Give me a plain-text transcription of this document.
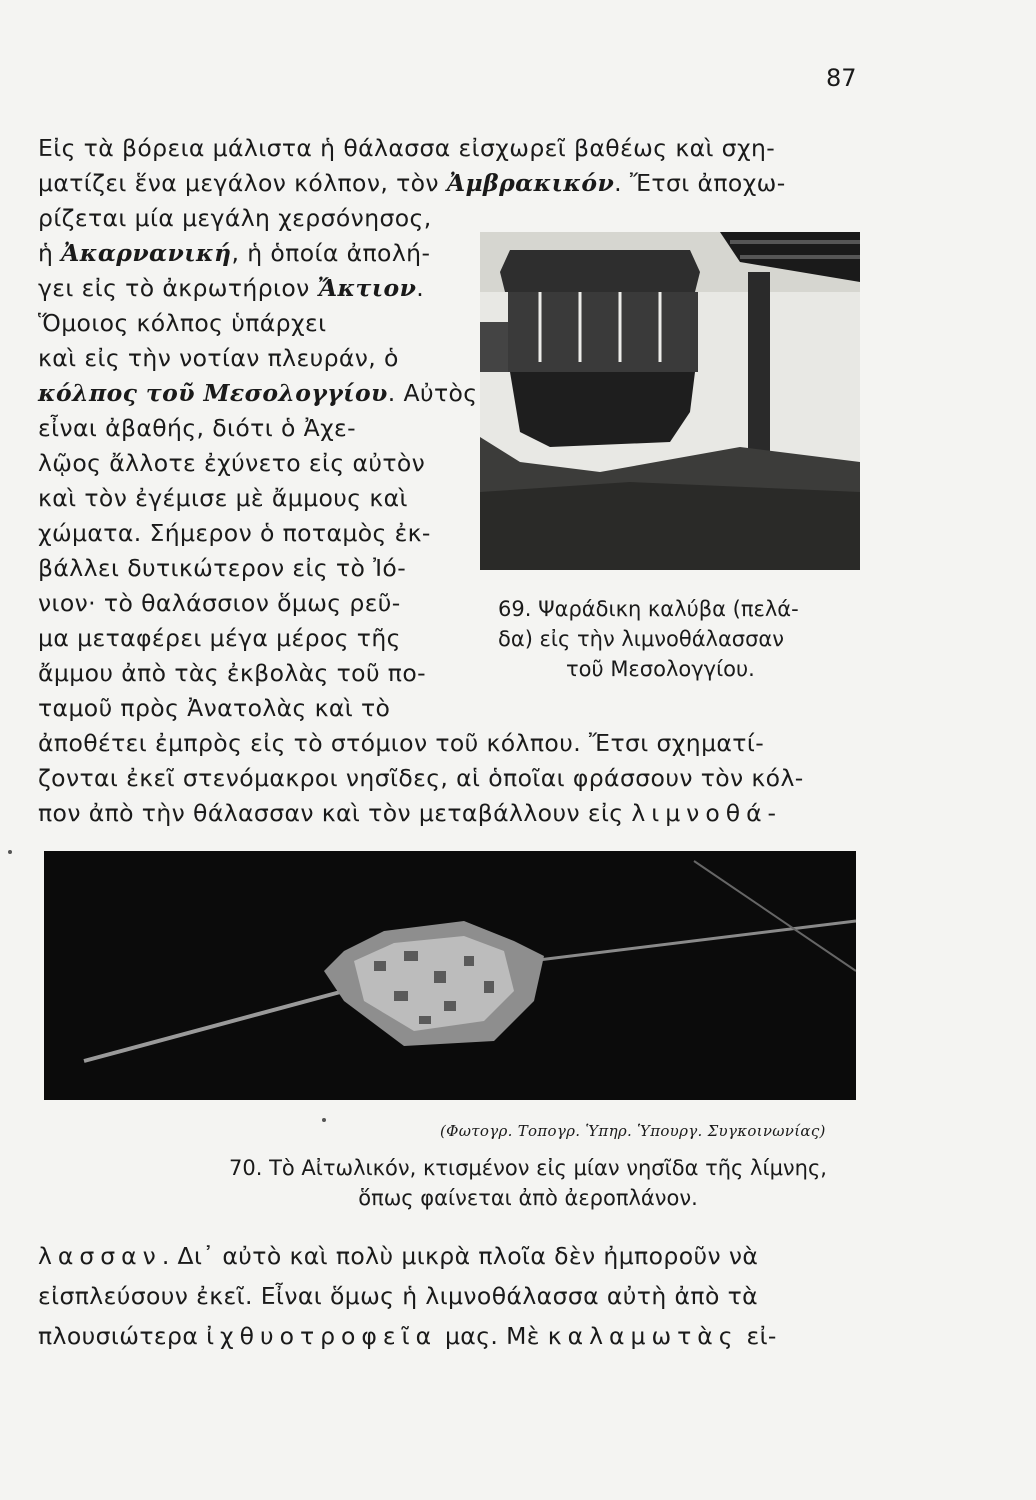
87
Εἰς τὰ βόρεια μάλιστα ἡ θάλασσα εἰσχωρεῖ βαθέως καὶ σχη-
ματίζει ἕνα μεγάλον κόλπον, τὸν Ἀμβρακικόν. Ἔτσι ἀποχω-
ρίζεται μία μεγάλη χερσόνησος,
ἡ Ἀκαρνανική, ἡ ὁποία ἀπολή-
γει εἰς τὸ ἀκρωτήριον Ἄκτιον.
Ὅμοιος κόλπος ὑπάρχει
καὶ εἰς τὴν νοτίαν πλευράν, ὁ
κόλπος τοῦ Μεσολογγίου. Αὐτὸς
εἶναι ἀβαθής, διότι ὁ Ἀχε-
λῷος ἄλλοτε ἐχύνετο εἰς αὐτὸν
καὶ τὸν ἐγέμισε μὲ ἄμμους καὶ
χώματα. Σήμερον ὁ ποταμὸς ἐκ-
βάλλει δυτικώτερον εἰς τὸ Ἰό-
νιον· τὸ θαλάσσιον ὅμως ρεῦ-
μα μεταφέρει μέγα μέρος τῆς
ἄμμου ἀπὸ τὰς ἐκβολὰς τοῦ πο-
ταμοῦ πρὸς Ἀνατολὰς καὶ τὸ
ἀποθέτει ἐμπρὸς εἰς τὸ στόμιον τοῦ κόλπου. Ἔτσι σχηματί-
ζονται ἐκεῖ στενόμακροι νησῖδες, αἱ ὁποῖαι φράσσουν τὸν κόλ-
πον ἀπὸ τὴν θάλασσαν καὶ τὸν μεταβάλλουν εἰς λιμνοθά-
69. Ψαράδικη καλύβα (πελά-
δα) εἰς τὴν λιμνοθάλασσαν
τοῦ Μεσολογγίου.
(Φωτογρ. Τοπογρ. Ὑπηρ. Ὑπουργ. Συγκοινωνίας)
70. Τὸ Αἰτωλικόν, κτισμένον εἰς μίαν νησῖδα τῆς λίμνης,
ὅπως φαίνεται ἀπὸ ἀεροπλάνον.
λασσαν. Δι᾿ αὐτὸ καὶ πολὺ μικρὰ πλοῖα δὲν ἠμποροῦν νὰ
εἰσπλεύσουν ἐκεῖ. Εἶναι ὅμως ἡ λιμνοθάλασσα αὐτὴ ἀπὸ τὰ
πλουσιώτερα ἰχθυοτροφεῖα μας. Μὲ καλαμωτὰς εἰ-
